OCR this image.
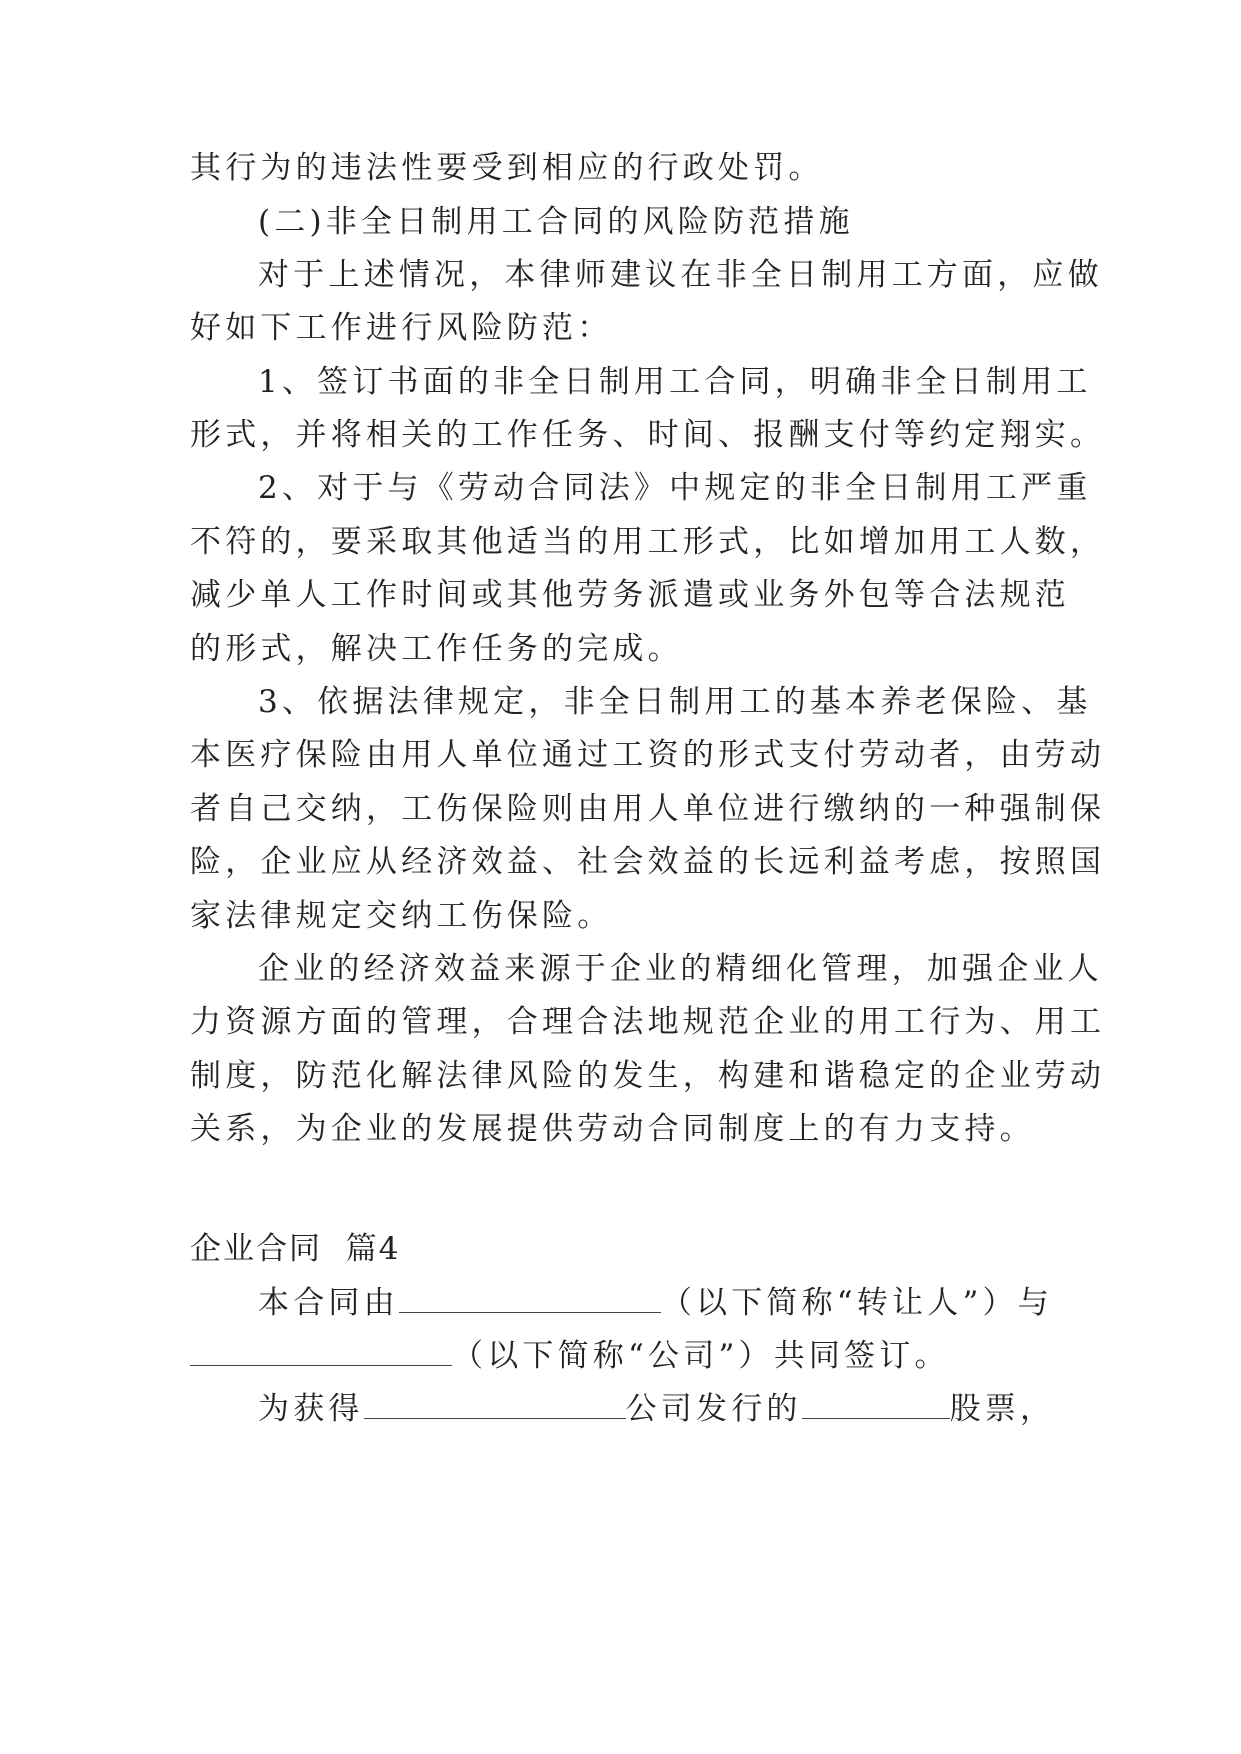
其行为的违法性要受到相应的行政处罚。

(二)非全日制用工合同的风险防范措施

对于上述情况，本律师建议在非全日制用工方面，应做

好如下工作进行风险防范：

1、签订书面的非全日制用工合同，明确非全日制用工

形式，并将相关的工作任务、时间、报酬支付等约定翔实。

2、对于与《劳动合同法》中规定的非全日制用工严重

不符的，要采取其他适当的用工形式，比如增加用工人数，

减少单人工作时间或其他劳务派遣或业务外包等合法规范

的形式，解决工作任务的完成。

3、依据法律规定，非全日制用工的基本养老保险、基

本医疗保险由用人单位通过工资的形式支付劳动者，由劳动

者自己交纳，工伤保险则由用人单位进行缴纳的一种强制保

险，企业应从经济效益、社会效益的长远利益考虑，按照国

家法律规定交纳工伤保险。

企业的经济效益来源于企业的精细化管理，加强企业人

力资源方面的管理，合理合法地规范企业的用工行为、用工

制度，防范化解法律风险的发生，构建和谐稳定的企业劳动

关系，为企业的发展提供劳动合同制度上的有力支持。

企业合同  篇4

本合同由	（以下简称“转让人”）与

（以下简称“公司”）共同签订。

为获得	公司发行的	股票，
